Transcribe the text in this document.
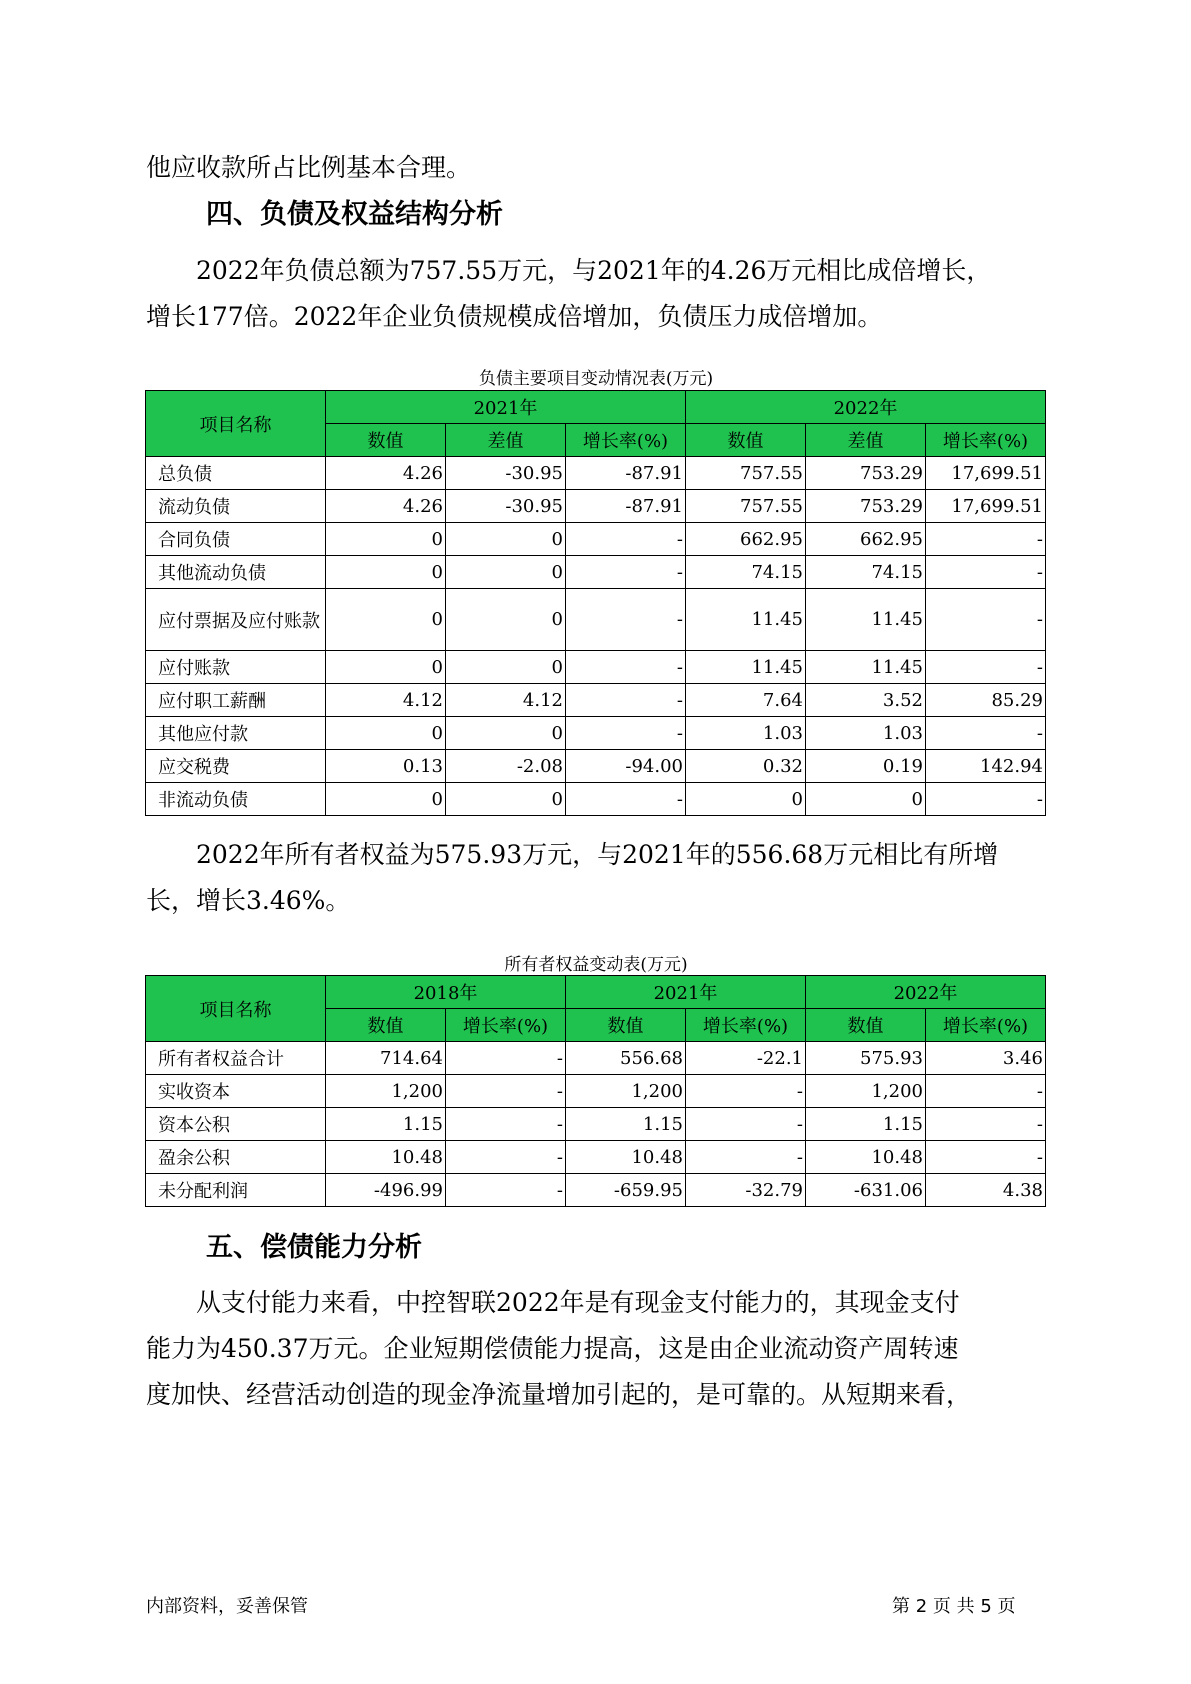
他应收款所占比例基本合理。
四、负债及权益结构分析
2022年负债总额为757.55万元，与2021年的4.26万元相比成倍增长，
增长177倍。2022年企业负债规模成倍增加，负债压力成倍增加。
负债主要项目变动情况表(万元)
项目名称	2021年			2022年		
	数值	差值	增长率(%)	数值	差值	增长率(%)
总负债	4.26	-30.95	-87.91	757.55	753.29	17,699.51
流动负债	4.26	-30.95	-87.91	757.55	753.29	17,699.51
合同负债	0	0	-	662.95	662.95	-
其他流动负债	0	0	-	74.15	74.15	-
应付票据及应付账款	0	0	-	11.45	11.45	-
应付账款	0	0	-	11.45	11.45	-
应付职工薪酬	4.12	4.12	-	7.64	3.52	85.29
其他应付款	0	0	-	1.03	1.03	-
应交税费	0.13	-2.08	-94.00	0.32	0.19	142.94
非流动负债	0	0	-	0	0	-
2022年所有者权益为575.93万元，与2021年的556.68万元相比有所增
长，增长3.46%。
所有者权益变动表(万元)
项目名称	2018年		2021年		2022年	
	数值	增长率(%)	数值	增长率(%)	数值	增长率(%)
所有者权益合计	714.64	-	556.68	-22.1	575.93	3.46
实收资本	1,200	-	1,200	-	1,200	-
资本公积	1.15	-	1.15	-	1.15	-
盈余公积	10.48	-	10.48	-	10.48	-
未分配利润	-496.99	-	-659.95	-32.79	-631.06	4.38
五、偿债能力分析
从支付能力来看，中控智联2022年是有现金支付能力的，其现金支付
能力为450.37万元。企业短期偿债能力提高，这是由企业流动资产周转速
度加快、经营活动创造的现金净流量增加引起的，是可靠的。从短期来看，
内部资料，妥善保管	第 2 页 共 5 页
